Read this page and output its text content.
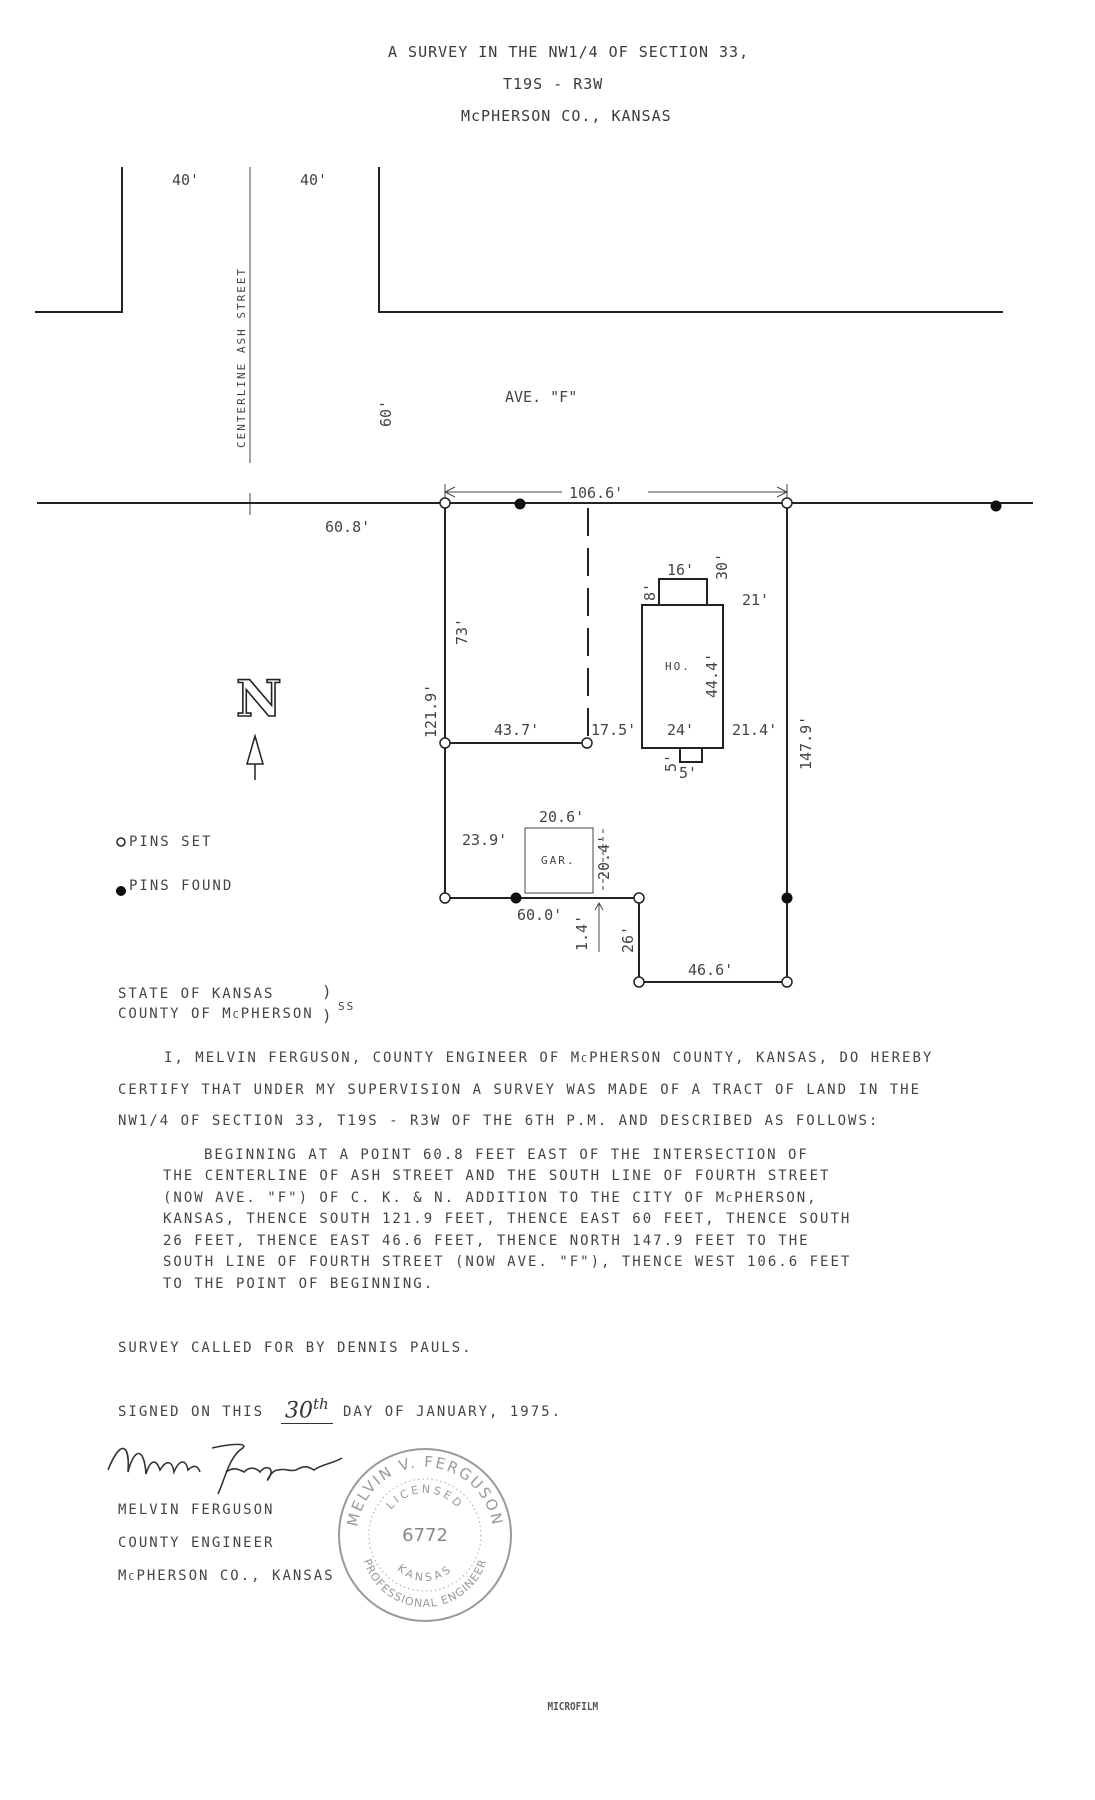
A SURVEY IN THE NW1/4 OF SECTION 33,
T19S - R3W
McPHERSON CO., KANSAS
40'	40'
CENTERLINE ASH STREET	AVE. "F"
60'
60.8'
106.6'
73'
121.9'	43.7'	17.5'
HO.
16'
8'
30'
21'
44.4'
24'	21.4'
5'
5'
147.9'
GAR.
20.6'
20.4'
23.9'
60.0' 1.4' 26'
46.6'
N
PINS SET
PINS FOUND
STATE OF KANSAS
COUNTY OF McPHERSON
)
) SS
I, MELVIN FERGUSON, COUNTY ENGINEER OF McPHERSON COUNTY, KANSAS, DO HEREBY
CERTIFY THAT UNDER MY SUPERVISION A SURVEY WAS MADE OF A TRACT OF LAND IN THE
NW1/4 OF SECTION 33, T19S - R3W OF THE 6TH P.M. AND DESCRIBED AS FOLLOWS:
BEGINNING AT A POINT 60.8 FEET EAST OF THE INTERSECTION OF
THE CENTERLINE OF ASH STREET AND THE SOUTH LINE OF FOURTH STREET
(NOW AVE. "F") OF C. K. & N. ADDITION TO THE CITY OF McPHERSON,
KANSAS, THENCE SOUTH 121.9 FEET, THENCE EAST 60 FEET, THENCE SOUTH
26 FEET, THENCE EAST 46.6 FEET, THENCE NORTH 147.9 FEET TO THE
SOUTH LINE OF FOURTH STREET (NOW AVE. "F"), THENCE WEST 106.6 FEET
TO THE POINT OF BEGINNING.
SURVEY CALLED FOR BY DENNIS PAULS.
SIGNED ON THIS 30th DAY OF JANUARY, 1975.
MELVIN FERGUSON
COUNTY ENGINEER
McPHERSON CO., KANSAS
MELVIN V. FERGUSON
PROFESSIONAL ENGINEER
LICENSED
KANSAS
6772
MICROFILM
